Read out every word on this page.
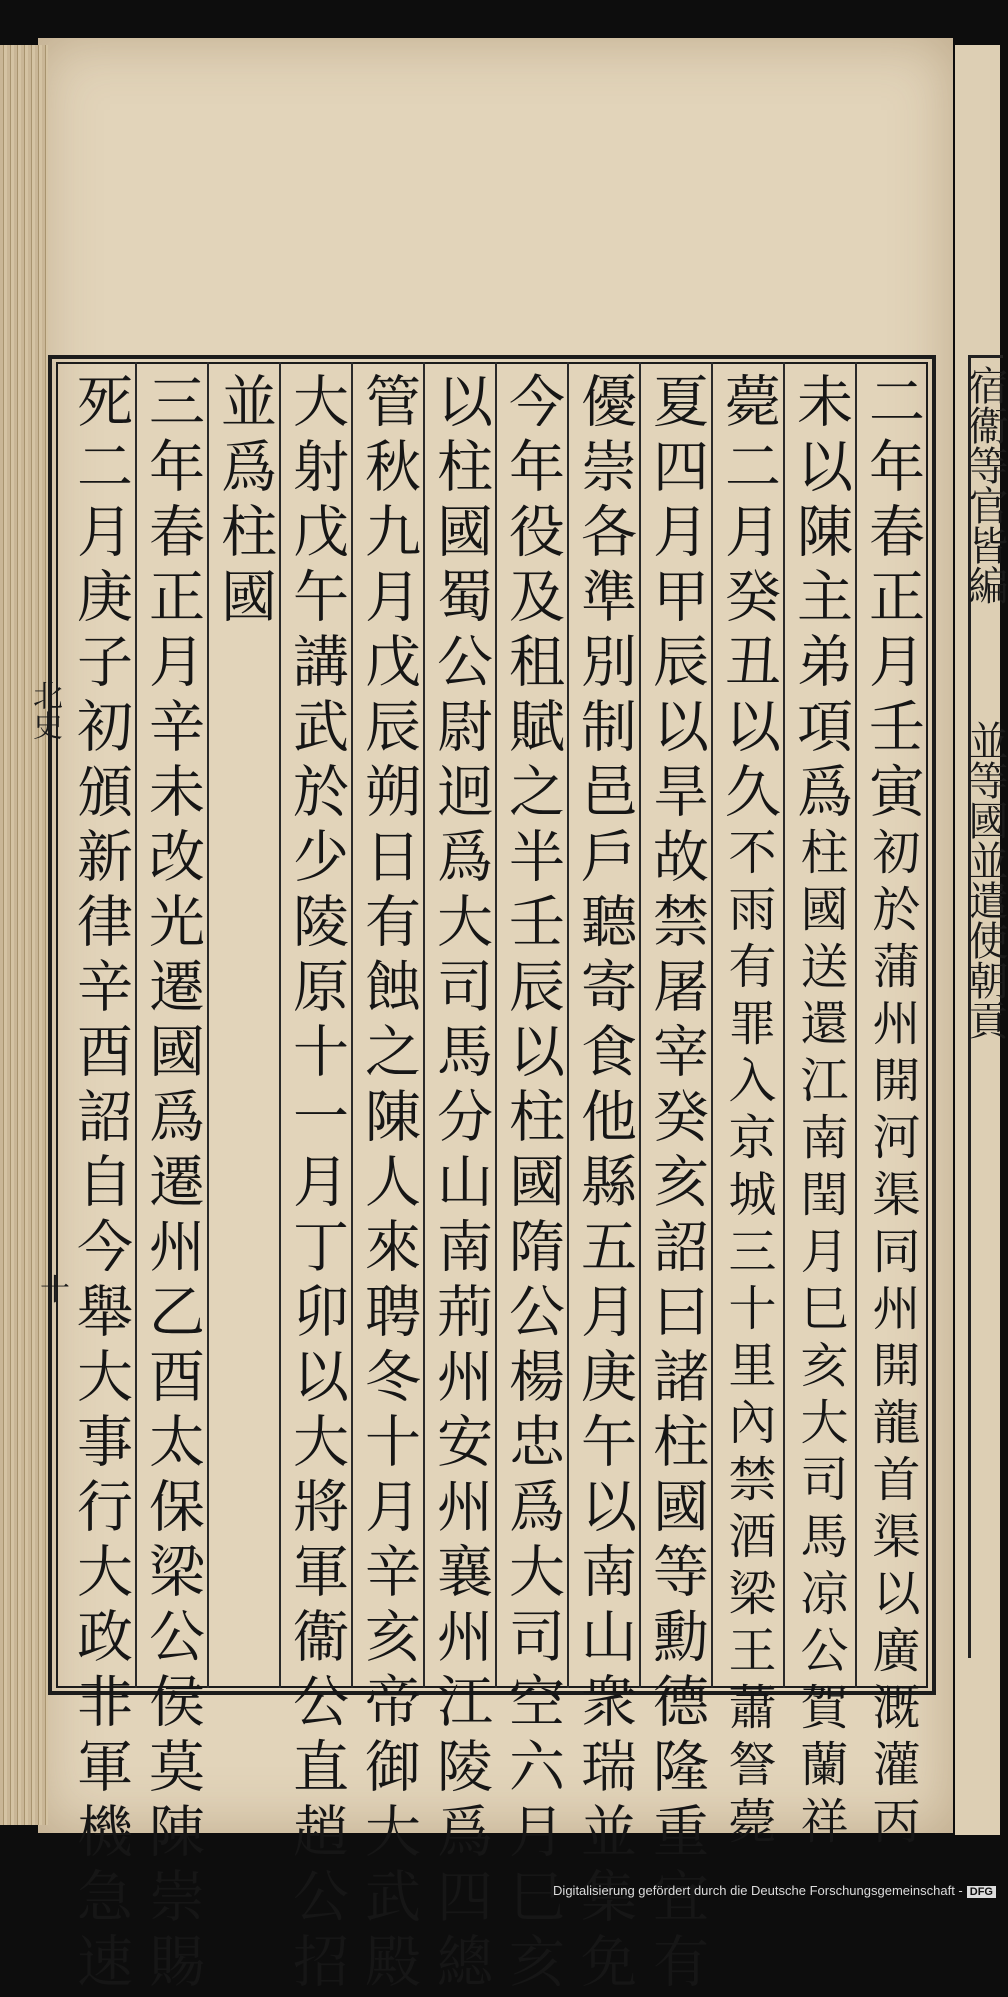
宿衞等官皆編
並等國並遣使朝貢
北史
十
二年春正月壬寅初於蒲州開河渠同州開龍首渠以廣溉灌丙
未以陳主弟項爲柱國送還江南閏月巳亥大司馬凉公賀蘭祥
薨二月癸丑以久不雨有罪入京城三十里內禁酒梁王蕭詧薨
夏四月甲辰以旱故禁屠宰癸亥詔曰諸柱國等勳德隆重宜有
優崇各準別制邑戶聽寄食他縣五月庚午以南山衆瑞並集免
今年役及租賦之半壬辰以柱國隋公楊忠爲大司空六月巳亥
以柱國蜀公尉迥爲大司馬分山南荊州安州襄州江陵爲四總
管秋九月戊辰朔日有蝕之陳人來聘冬十月辛亥帝御大武殿
大射戊午講武於少陵原十一月丁卯以大將軍衞公直趙公招
並爲柱國
三年春正月辛未改光遷國爲遷州乙酉太保梁公侯莫陳崇賜
死二月庚子初頒新律辛酉詔自今舉大事行大政非軍機急速	Digitalisierung gefördert durch die Deutsche Forschungsgemeinschaft - DFG
